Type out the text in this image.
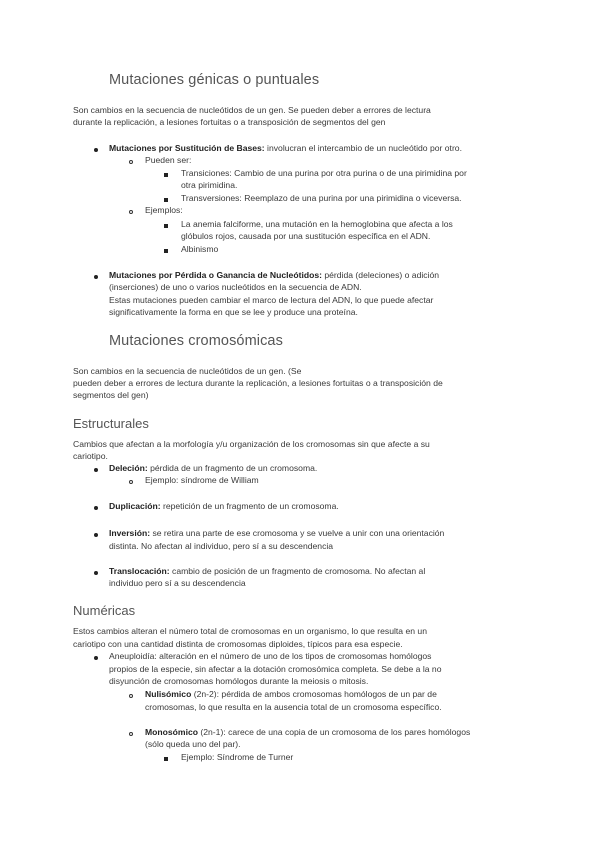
Mutaciones génicas o puntuales
Son cambios en la secuencia de nucleótidos de un gen. Se pueden deber a errores de lectura
durante la replicación, a lesiones fortuitas o a transposición de segmentos del gen
Mutaciones por Sustitución de Bases: involucran el intercambio de un nucleótido por otro.
Pueden ser:
Transiciones: Cambio de una purina por otra purina o de una pirimidina por
otra pirimidina.
Transversiones: Reemplazo de una purina por una pirimidina o viceversa.
Ejemplos:
La anemia falciforme, una mutación en la hemoglobina que afecta a los
glóbulos rojos, causada por una sustitución específica en el ADN.
Albinismo
Mutaciones por Pérdida o Ganancia de Nucleótidos: pérdida (deleciones) o adición
(inserciones) de uno o varios nucleótidos en la secuencia de ADN.
Estas mutaciones pueden cambiar el marco de lectura del ADN, lo que puede afectar
significativamente la forma en que se lee y produce una proteína.
Mutaciones cromosómicas
Son cambios en la secuencia de nucleótidos de un gen. (Se
pueden deber a errores de lectura durante la replicación, a lesiones fortuitas o a transposición de
segmentos del gen)
Estructurales
Cambios que afectan a la morfología y/u organización de los cromosomas sin que afecte a su
cariotipo.
Deleción: pérdida de un fragmento de un cromosoma.
Ejemplo: síndrome de William
Duplicación: repetición de un fragmento de un cromosoma.
Inversión: se retira una parte de ese cromosoma y se vuelve a unir con una orientación
distinta. No afectan al individuo, pero sí a su descendencia
Translocación: cambio de posición de un fragmento de cromosoma. No afectan al
individuo pero sí a su descendencia
Numéricas
Estos cambios alteran el número total de cromosomas en un organismo, lo que resulta en un
cariotipo con una cantidad distinta de cromosomas diploides, típicos para esa especie.
Aneuploidía: alteración en el número de uno de los tipos de cromosomas homólogos
propios de la especie, sin afectar a la dotación cromosómica completa. Se debe a la no
disyunción de cromosomas homólogos durante la meiosis o mitosis.
Nulisómico (2n-2): pérdida de ambos cromosomas homólogos de un par de
cromosomas, lo que resulta en la ausencia total de un cromosoma específico.
Monosómico (2n-1): carece de una copia de un cromosoma de los pares homólogos
(sólo queda uno del par).
Ejemplo: Síndrome de Turner
